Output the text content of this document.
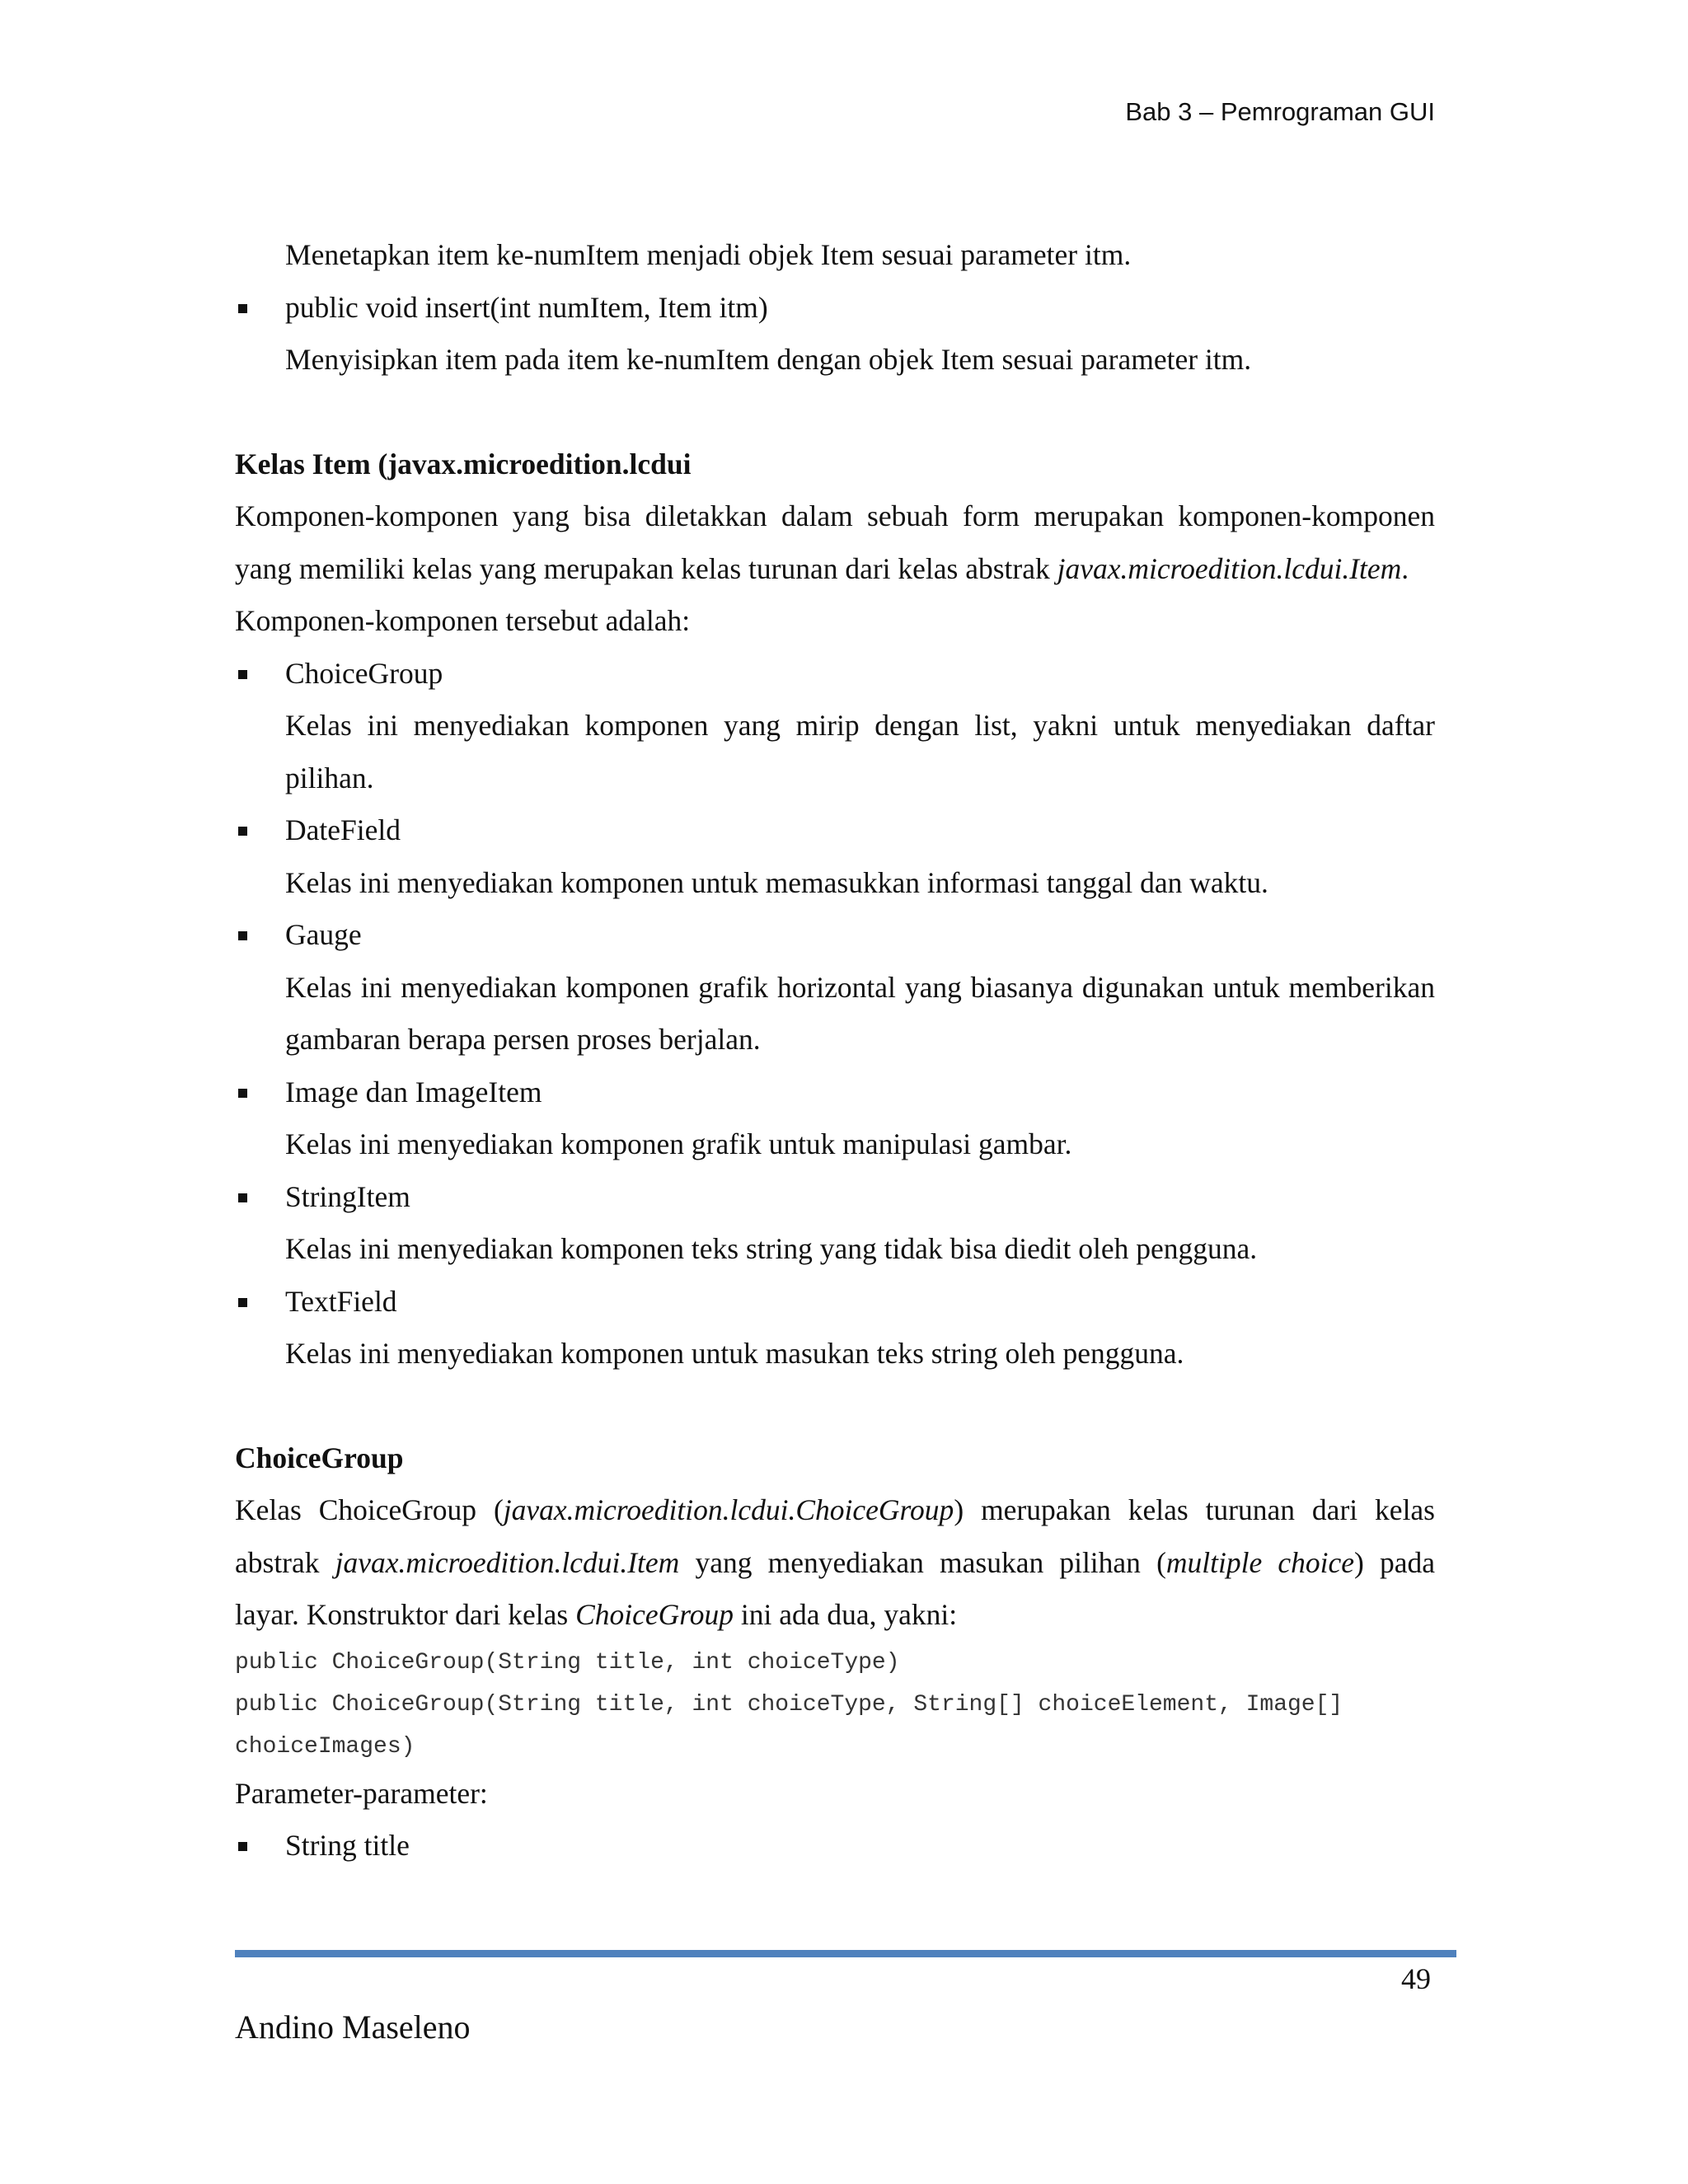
Bab 3 – Pemrograman GUI

Menetapkan item ke-numItem menjadi objek Item sesuai parameter itm.

public void insert(int numItem, Item itm)

Menyisipkan item pada item ke-numItem dengan objek Item sesuai parameter itm.

Kelas Item (javax.microedition.lcdui

Komponen-komponen yang bisa diletakkan dalam sebuah form merupakan komponen-komponen yang memiliki kelas yang merupakan kelas turunan dari kelas abstrak javax.microedition.lcdui.Item.

Komponen-komponen tersebut adalah:

ChoiceGroup

Kelas ini menyediakan komponen yang mirip dengan list, yakni untuk menyediakan daftar pilihan.

DateField

Kelas ini menyediakan komponen untuk memasukkan informasi tanggal dan waktu.

Gauge

Kelas ini menyediakan komponen grafik horizontal yang biasanya digunakan untuk memberikan gambaran berapa persen proses berjalan.

Image dan ImageItem

Kelas ini menyediakan komponen grafik untuk manipulasi gambar.

StringItem

Kelas ini menyediakan komponen teks string yang tidak bisa diedit oleh pengguna.

TextField

Kelas ini menyediakan komponen untuk masukan teks string oleh pengguna.

ChoiceGroup

Kelas ChoiceGroup (javax.microedition.lcdui.ChoiceGroup) merupakan kelas turunan dari kelas abstrak javax.microedition.lcdui.Item yang menyediakan masukan pilihan (multiple choice) pada layar. Konstruktor dari kelas ChoiceGroup ini ada dua, yakni:

public ChoiceGroup(String title, int choiceType)
public ChoiceGroup(String title, int choiceType, String[] choiceElement, Image[] choiceImages)

Parameter-parameter:

String title
49
Andino Maseleno
